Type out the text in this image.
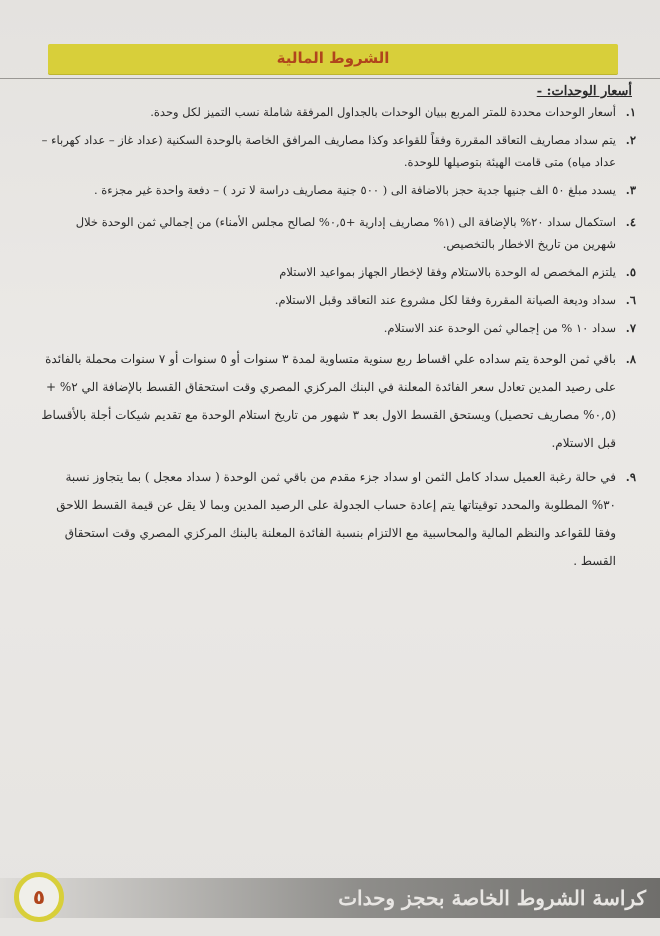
الشروط المالية
أسعار الوحدات: -
١.
أسعار الوحدات محددة للمتر المربع ببيان الوحدات بالجداول المرفقة شاملة نسب التميز لكل وحدة.
٢.
يتم سداد مصاريف التعاقد المقررة وفقاً للقواعد وكذا مصاريف المرافق الخاصة بالوحدة السكنية (عداد غاز – عداد كهرباء – عداد مياه) متى قامت الهيئة بتوصيلها للوحدة.
٣.
يسدد مبلغ ٥٠ الف جنيها جدية حجز بالاضافة الى ( ٥٠٠ جنية مصاريف دراسة لا ترد ) – دفعة واحدة غير مجزءة .
٤.
استكمال سداد ٢٠% بالإضافة الى (١% مصاريف إدارية +٠,٥% لصالح مجلس الأمناء) من إجمالي ثمن الوحدة خلال شهرين من تاريخ الاخطار بالتخصيص.
٥.
يلتزم المخصص له الوحدة بالاستلام وفقا لإخطار الجهاز بمواعيد الاستلام
٦.
سداد وديعة الصيانة المقررة وفقا لكل مشروع عند التعاقد وقبل الاستلام.
٧.
سداد ١٠ % من إجمالي ثمن الوحدة عند الاستلام.
٨.
باقي ثمن الوحدة يتم سداده علي اقساط ربع سنوية متساوية لمدة ٣ سنوات أو ٥ سنوات أو ٧ سنوات محملة بالفائدة على رصيد المدين تعادل سعر الفائدة المعلنة في البنك المركزي المصري وقت استحقاق القسط بالإضافة الي ٢% + (٠,٥% مصاريف تحصيل) ويستحق القسط الاول بعد ٣ شهور من تاريخ استلام الوحدة مع تقديم شيكات أجلة بالأقساط قبل الاستلام.
٩.
في حالة رغبة العميل سداد كامل الثمن او سداد جزء مقدم من باقي ثمن الوحدة ( سداد معجل ) بما يتجاوز نسبة ٣٠% المطلوبة والمحدد توقيتاتها يتم إعادة حساب الجدولة على الرصيد المدين وبما لا يقل عن قيمة القسط اللاحق وفقا للقواعد والنظم المالية والمحاسبية مع الالتزام بنسبة الفائدة المعلنة بالبنك المركزي المصري وقت استحقاق القسط .
كراسة الشروط الخاصة بحجز وحدات
٥
